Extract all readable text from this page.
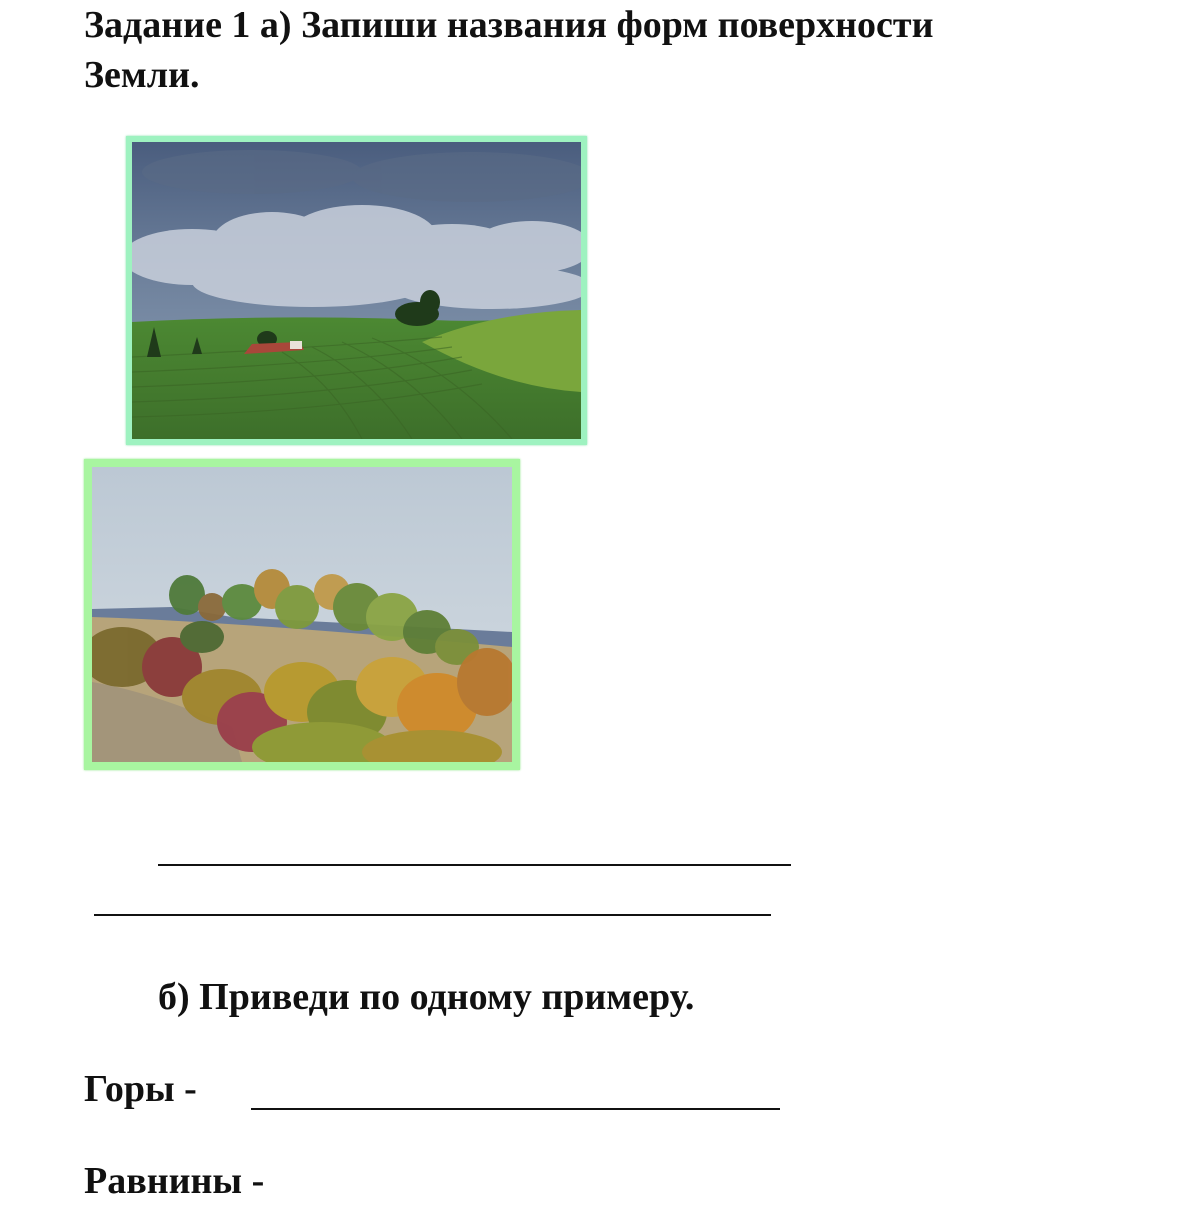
Задание 1 а) Запиши названия форм поверхности
Земли.
б) Приведи по одному примеру.
Горы -
Равнины -
